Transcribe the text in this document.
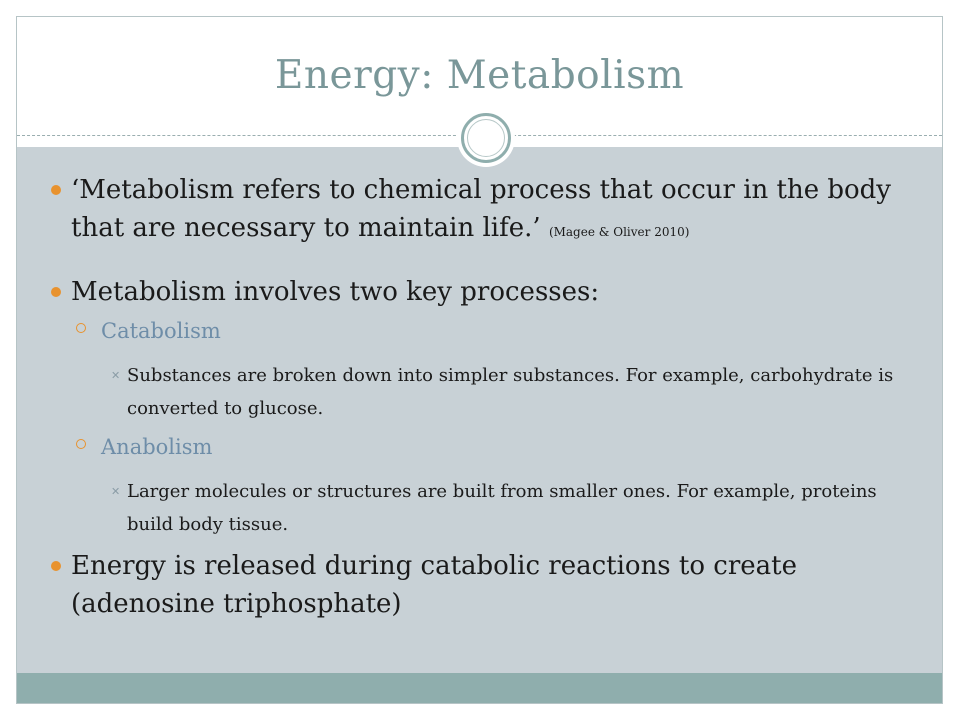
Energy: Metabolism
‘Metabolism refers to chemical process that occur in the body that are necessary to maintain life.’ (Magee & Oliver 2010)
Metabolism involves two key processes:
Catabolism
✕ Substances are broken down into simpler substances. For example, carbohydrate is converted to glucose.
Anabolism
✕ Larger molecules or structures are built from smaller ones. For example, proteins build body tissue.
Energy is released during catabolic reactions to create (adenosine triphosphate)
